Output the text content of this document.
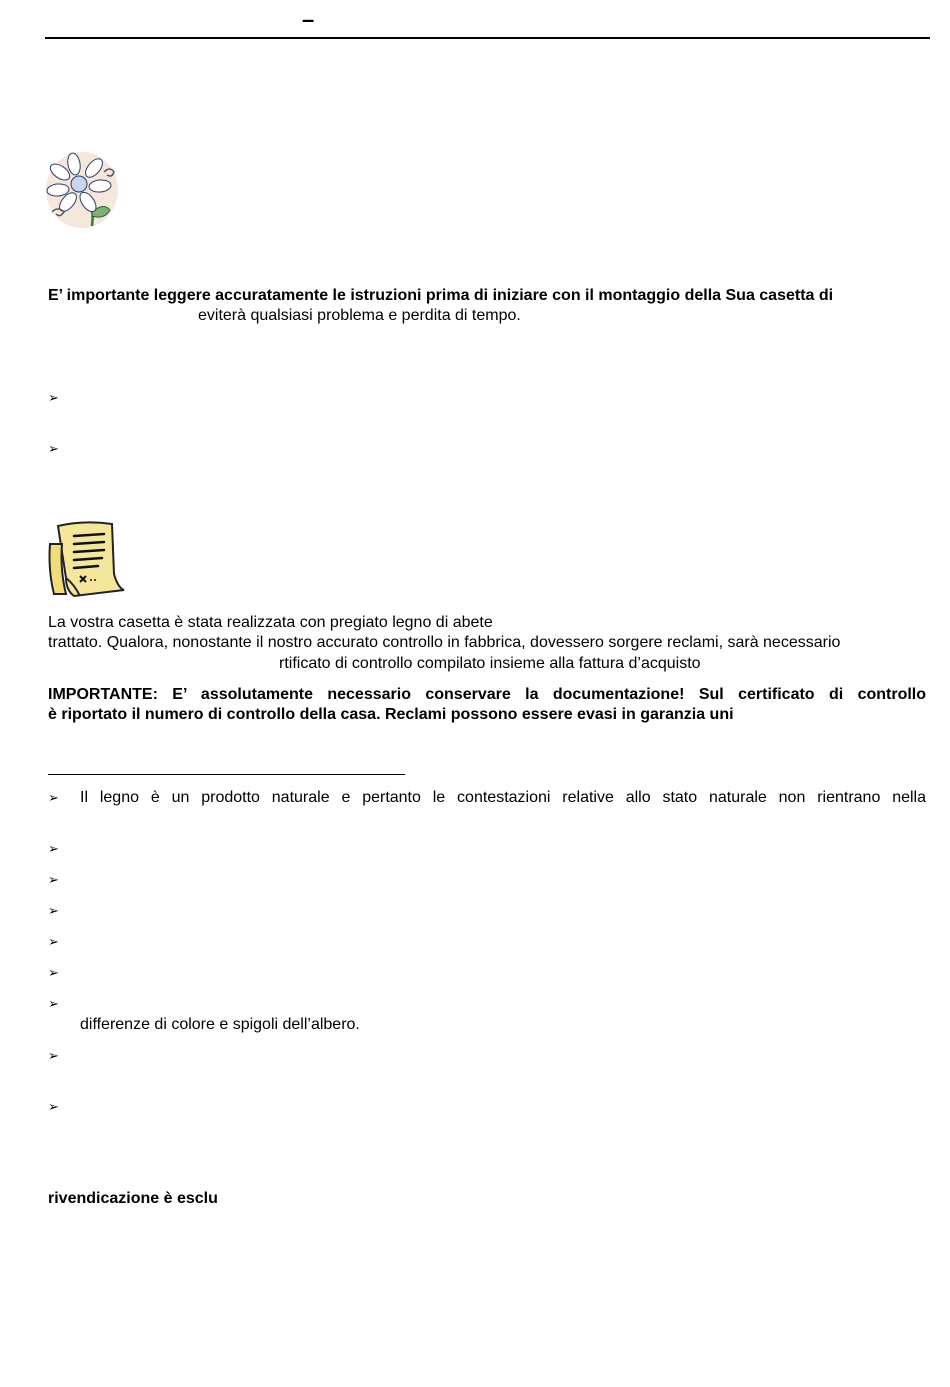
–
E’ importante leggere accuratamente le istruzioni prima di iniziare con il montaggio della Sua casetta di
eviterà qualsiasi problema e perdita di tempo.
➢
➢
La vostra casetta è stata realizzata con pregiato legno di abete
trattato. Qualora, nonostante il nostro accurato controllo in fabbrica, dovessero sorgere reclami, sarà necessario
rtificato di controllo compilato insieme alla fattura d’acquisto
IMPORTANTE: E’ assolutamente necessario conservare la documentazione! Sul certificato di controllo
è riportato il numero di controllo della casa. Reclami possono essere evasi in garanzia uni
➢ Il legno è un prodotto naturale e pertanto le contestazioni relative allo stato naturale non rientrano nella
➢
➢
➢
➢
➢
➢
differenze di colore e spigoli dell’albero.
➢
➢
rivendicazione è esclu
